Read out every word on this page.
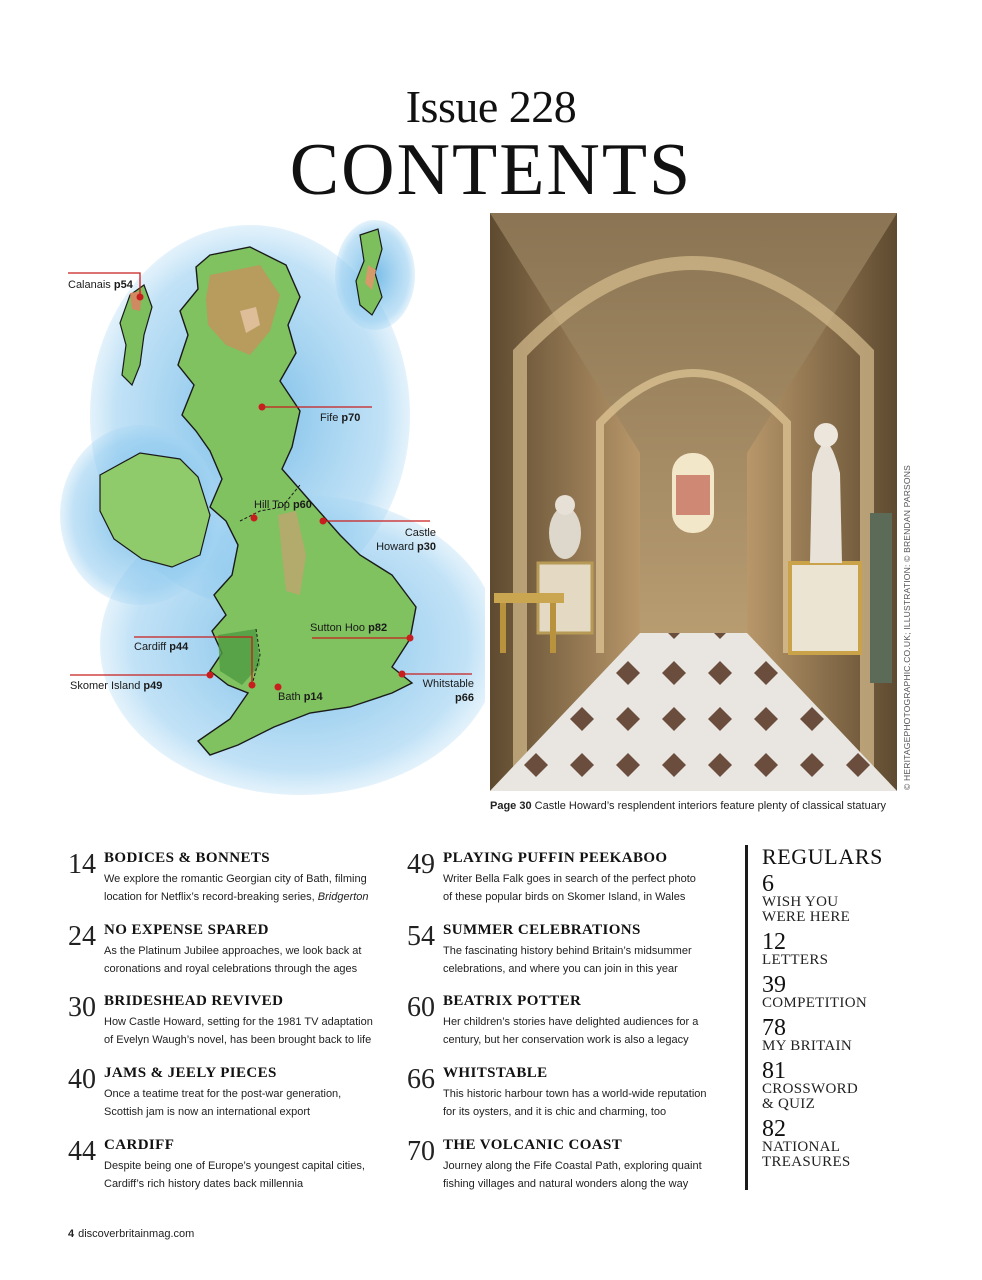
Issue 228
CONTENTS
Calanais p54
Fife p70
Hill Top p60
Castle
Howard p30
Sutton Hoo p82
Cardiff p44
Skomer Island p49
Bath p14
Whitstable
p66
Page 30 Castle Howard’s resplendent interiors feature plenty of classical statuary
© HERITAGEPHOTOGRAPHIC.CO.UK; ILLUSTRATION: © BRENDAN PARSONS
14 BODICES & BONNETS
We explore the romantic Georgian city of Bath, filming
location for Netflix’s record-breaking series, Bridgerton
24 NO EXPENSE SPARED
As the Platinum Jubilee approaches, we look back at
coronations and royal celebrations through the ages
30 BRIDESHEAD REVIVED
How Castle Howard, setting for the 1981 TV adaptation
of Evelyn Waugh’s novel, has been brought back to life
40 JAMS & JEELY PIECES
Once a teatime treat for the post-war generation,
Scottish jam is now an international export
44 CARDIFF
Despite being one of Europe’s youngest capital cities,
Cardiff’s rich history dates back millennia
49 PLAYING PUFFIN PEEKABOO
Writer Bella Falk goes in search of the perfect photo
of these popular birds on Skomer Island, in Wales
54 SUMMER CELEBRATIONS
The fascinating history behind Britain’s midsummer
celebrations, and where you can join in this year
60 BEATRIX POTTER
Her children’s stories have delighted audiences for a
century, but her conservation work is also a legacy
66 WHITSTABLE
This historic harbour town has a world-wide reputation
for its oysters, and it is chic and charming, too
70 THE VOLCANIC COAST
Journey along the Fife Coastal Path, exploring quaint
fishing villages and natural wonders along the way
REGULARS
6
WISH YOU
WERE HERE
12
LETTERS
39
COMPETITION
78
MY BRITAIN
81
CROSSWORD
& QUIZ
82
NATIONAL
TREASURES
4 discoverbritainmag.com
